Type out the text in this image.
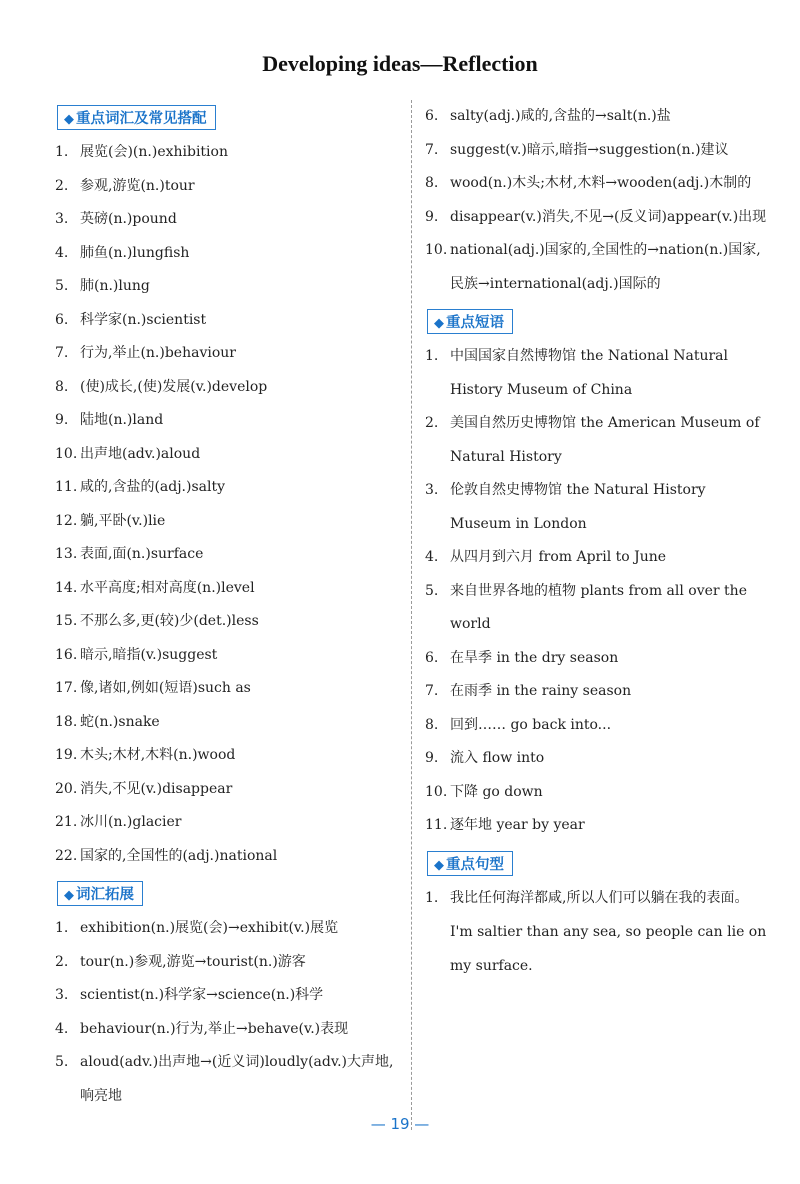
Developing ideas—Reflection
◆ 重点词汇及常见搭配
1. 展览(会)(n.)exhibition
2. 参观,游览(n.)tour
3. 英磅(n.)pound
4. 肺鱼(n.)lungfish
5. 肺(n.)lung
6. 科学家(n.)scientist
7. 行为,举止(n.)behaviour
8. (使)成长,(使)发展(v.)develop
9. 陆地(n.)land
10. 出声地(adv.)aloud
11. 咸的,含盐的(adj.)salty
12. 躺,平卧(v.)lie
13. 表面,面(n.)surface
14. 水平高度;相对高度(n.)level
15. 不那么多,更(较)少(det.)less
16. 暗示,暗指(v.)suggest
17. 像,诸如,例如(短语)such as
18. 蛇(n.)snake
19. 木头;木材,木料(n.)wood
20. 消失,不见(v.)disappear
21. 冰川(n.)glacier
22. 国家的,全国性的(adj.)national
◆ 词汇拓展
1. exhibition(n.)展览(会)→exhibit(v.)展览
2. tour(n.)参观,游览→tourist(n.)游客
3. scientist(n.)科学家→science(n.)科学
4. behaviour(n.)行为,举止→behave(v.)表现
5. aloud(adv.)出声地→(近义词)loudly(adv.)大声地,响亮地
6. salty(adj.)咸的,含盐的→salt(n.)盐
7. suggest(v.)暗示,暗指→suggestion(n.)建议
8. wood(n.)木头;木材,木料→wooden(adj.)木制的
9. disappear(v.)消失,不见→(反义词)appear(v.)出现
10. national(adj.)国家的,全国性的→nation(n.)国家,民族→international(adj.)国际的
◆ 重点短语
1. 中国国家自然博物馆 the National Natural History Museum of China
2. 美国自然历史博物馆 the American Museum of Natural History
3. 伦敦自然史博物馆 the Natural History Museum in London
4. 从四月到六月 from April to June
5. 来自世界各地的植物 plants from all over the world
6. 在旱季 in the dry season
7. 在雨季 in the rainy season
8. 回到…… go back into...
9. 流入 flow into
10. 下降 go down
11. 逐年地 year by year
◆ 重点句型
1. 我比任何海洋都咸,所以人们可以躺在我的表面。
I'm saltier than any sea, so people can lie on my surface.
— 19 —
